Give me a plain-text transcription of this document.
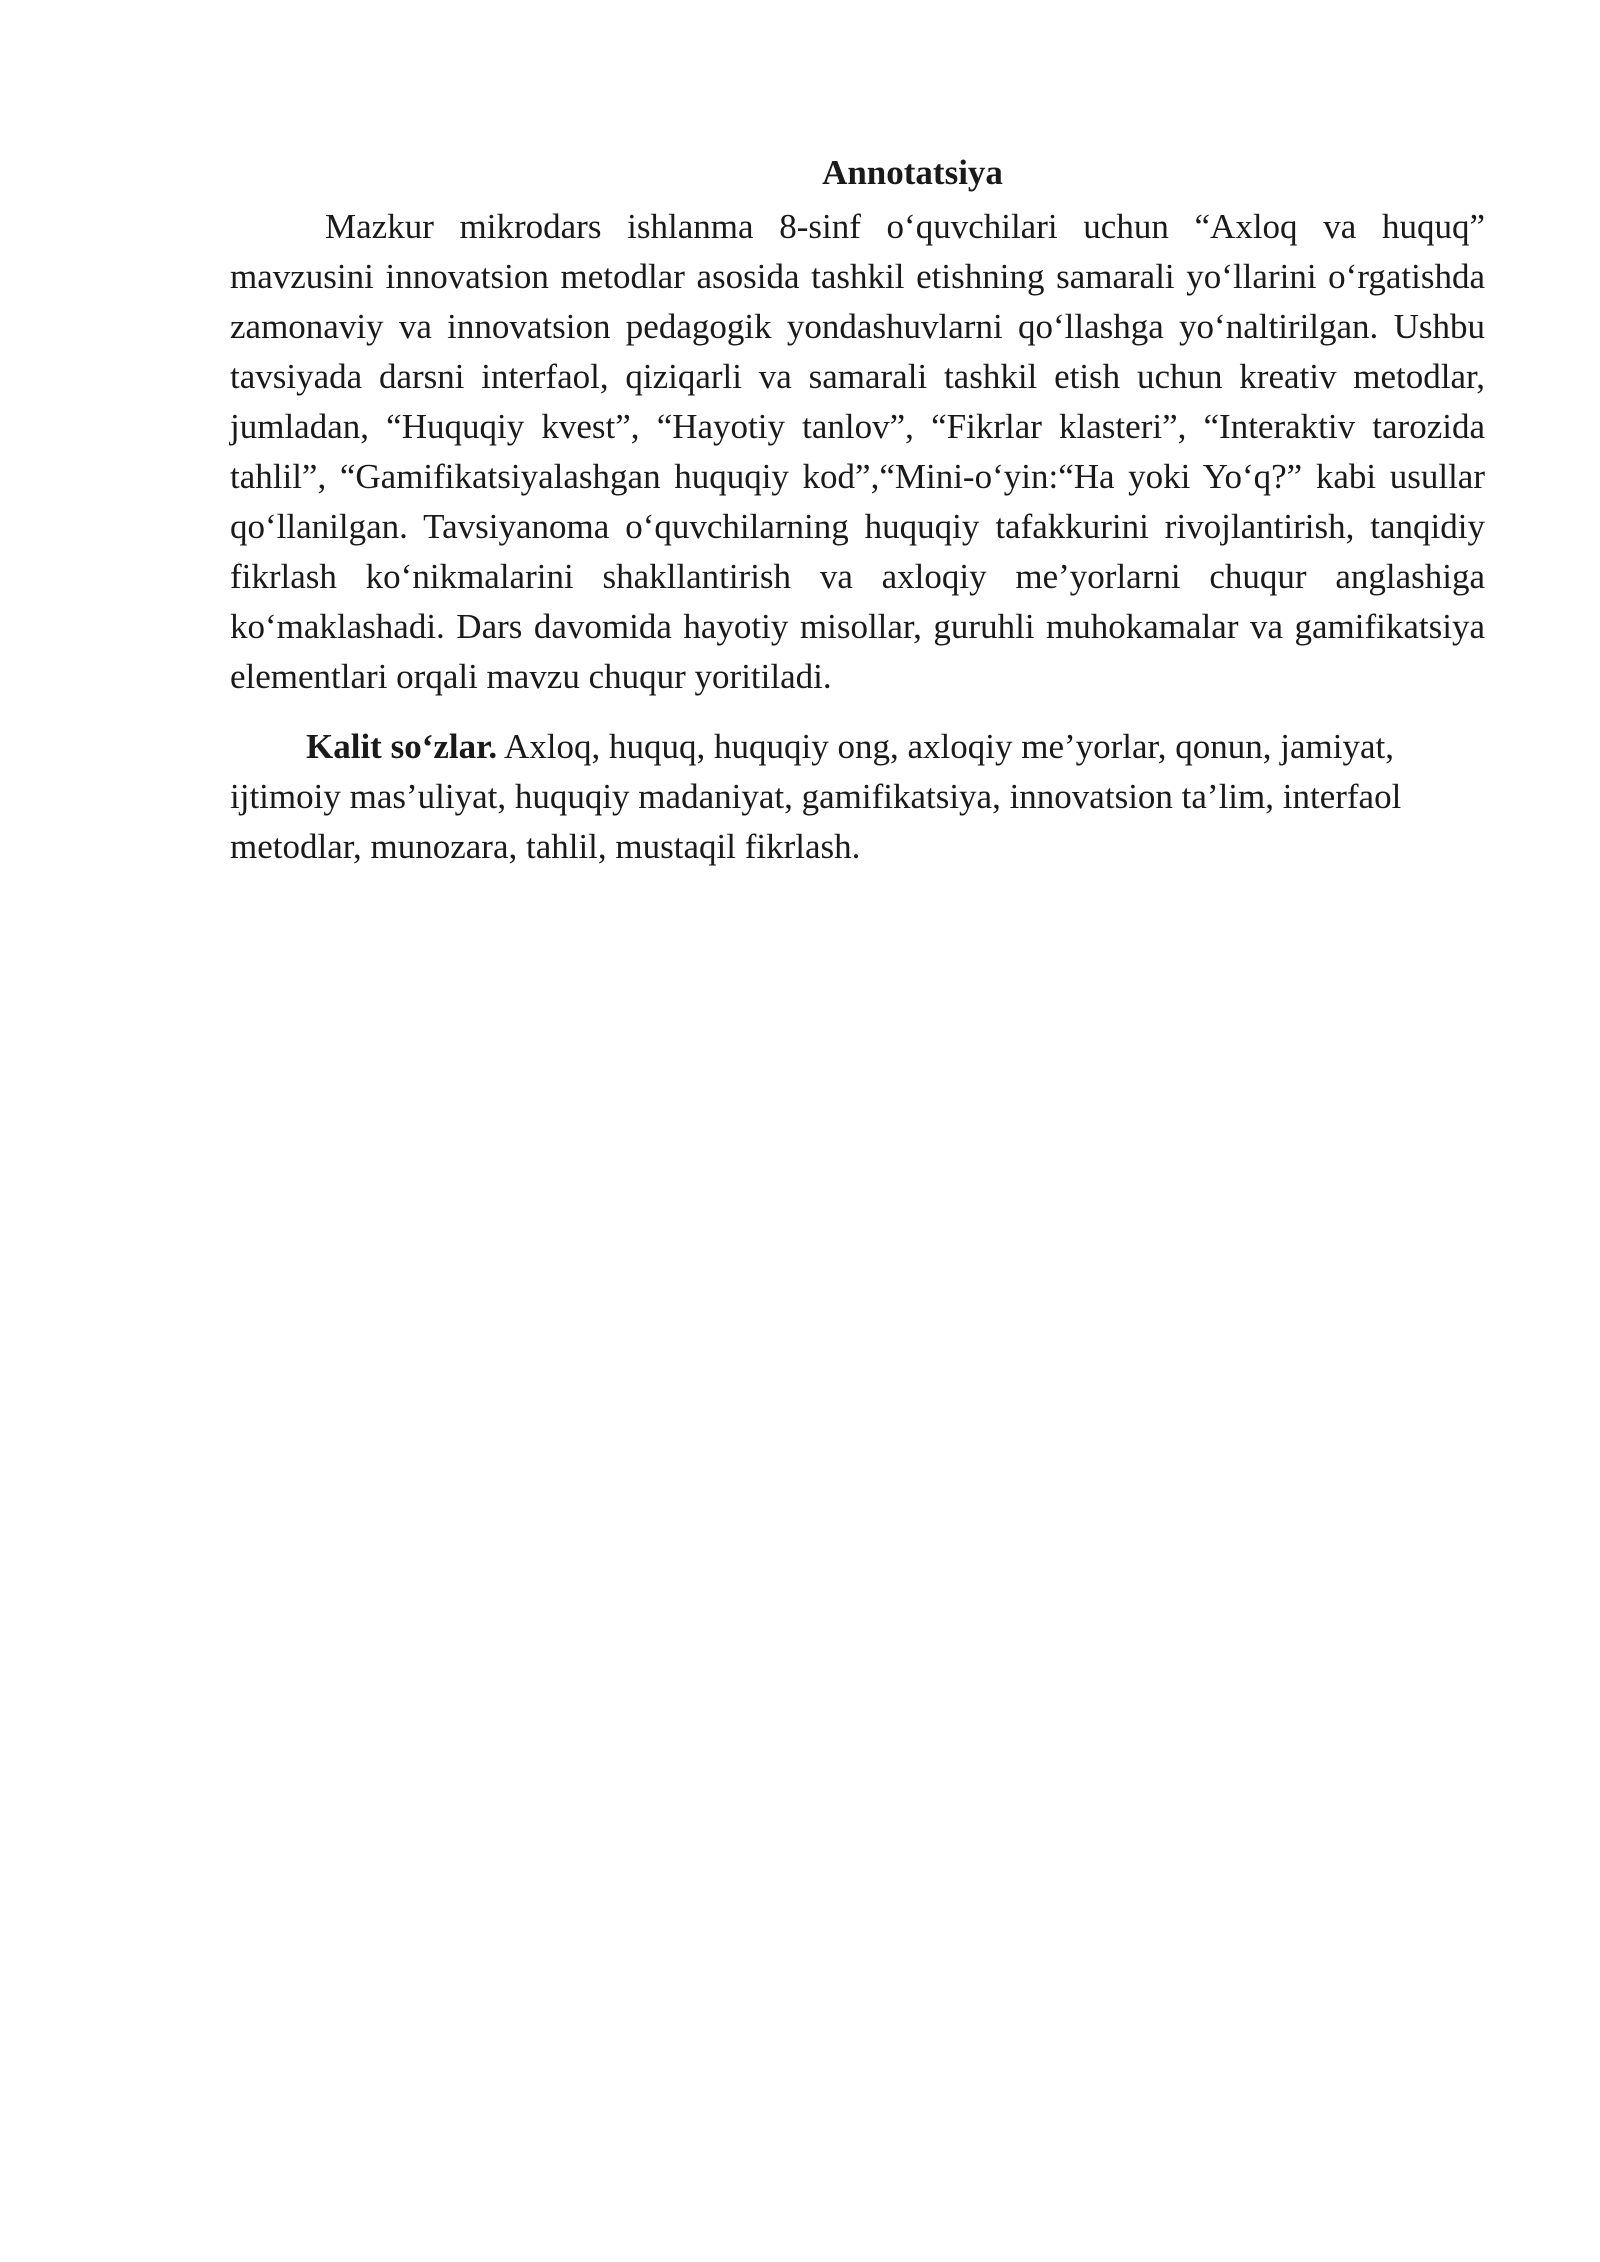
Annotatsiya

Mazkur mikrodars ishlanma 8-sinf o‘quvchilari uchun “Axloq va huquq” mavzusini innovatsion metodlar asosida tashkil etishning samarali yo‘llarini o‘rgatishda zamonaviy va innovatsion pedagogik yondashuvlarni qo‘llashga yo‘naltirilgan. Ushbu tavsiyada darsni interfaol, qiziqarli va samarali tashkil etish uchun kreativ metodlar, jumladan, “Huquqiy kvest”, “Hayotiy tanlov”, “Fikrlar klasteri”, “Interaktiv tarozida tahlil”, “Gamifikatsiyalashgan huquqiy kod”,“Mini-o‘yin:“Ha yoki Yo‘q?” kabi usullar qo‘llanilgan. Tavsiyanoma o‘quvchilarning huquqiy tafakkurini rivojlantirish, tanqidiy fikrlash ko‘nikmalarini shakllantirish va axloqiy me’yorlarni chuqur anglashiga ko‘maklashadi. Dars davomida hayotiy misollar, guruhli muhokamalar va gamifikatsiya elementlari orqali mavzu chuqur yoritiladi.

Kalit so‘zlar. Axloq, huquq, huquqiy ong, axloqiy me’yorlar, qonun, jamiyat, ijtimoiy mas’uliyat, huquqiy madaniyat, gamifikatsiya, innovatsion ta’lim, interfaol metodlar, munozara, tahlil, mustaqil fikrlash.
